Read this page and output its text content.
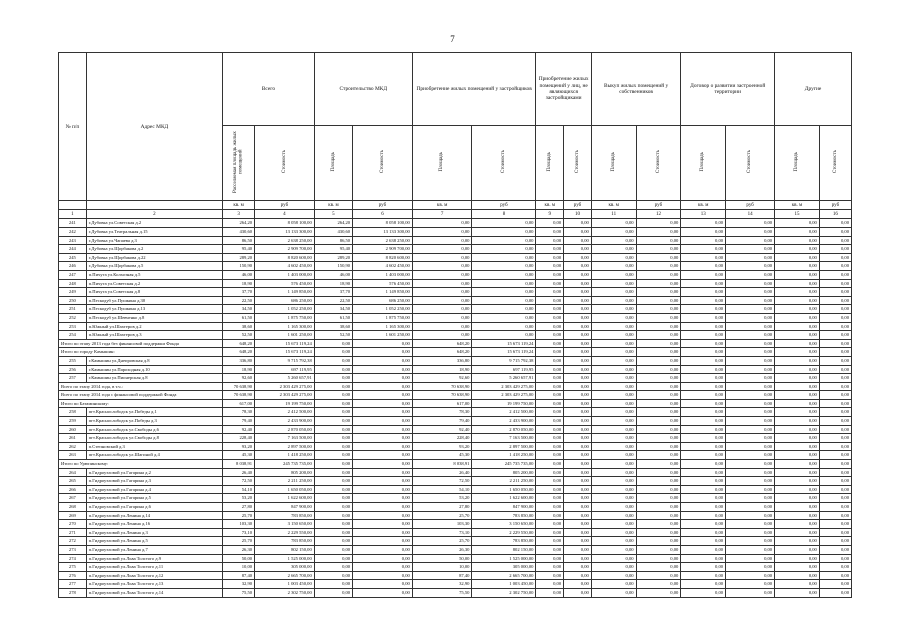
7
№ п/п	Адрес МКД	Всего		Строительство МКД		Приобретение жилых помещений у застройщиков		Приобретение жилых помещений у лиц, не являющихся застройщиками		Выкуп жилых помещений у собственников		Договор о развитии застроенной территории		Другие	
		Расселяемая площадь жилых помещений	Стоимость	Площадь	Стоимость	Площадь	Стоимость	Площадь	Стоимость	Площадь	Стоимость	Площадь	Стоимость	Площадь	Стоимость
		кв. м	руб	кв. м	руб	кв. м	руб	кв. м	руб	кв. м	руб	кв. м	руб	кв. м	руб
1	2	3	4	5	6	7	8	9	10	11	12	13	14	15	16
241	г.Дубовка ул.Советская д.2	264,20	8 058 100,00	264,20	8 058 100,00	0,00	0,00	0,00	0,00	0,00	0,00	0,00	0,00	0,00	0,00
242	г.Дубовка ул.Театральная д.15	430,60	13 133 300,00	430,60	13 133 300,00	0,00	0,00	0,00	0,00	0,00	0,00	0,00	0,00	0,00	0,00
243	г.Дубовка ул.Чапаева д.3	86,50	2 638 250,00	86,50	2 638 250,00	0,00	0,00	0,00	0,00	0,00	0,00	0,00	0,00	0,00	0,00
244	г.Дубовка ул.Щорбакова д.2	95,40	2 909 700,00	95,40	2 909 700,00	0,00	0,00	0,00	0,00	0,00	0,00	0,00	0,00	0,00	0,00
245	г.Дубовка ул.Щорбакова д.22	289,20	8 820 600,00	289,20	8 820 600,00	0,00	0,00	0,00	0,00	0,00	0,00	0,00	0,00	0,00	0,00
246	г.Дубовка ул.Щорбакова д.5	150,90	4 602 450,00	150,90	4 602 450,00	0,00	0,00	0,00	0,00	0,00	0,00	0,00	0,00	0,00	0,00
247	п.Пичуга ул.Колхозная д.5	46,00	1 403 000,00	46,00	1 403 000,00	0,00	0,00	0,00	0,00	0,00	0,00	0,00	0,00	0,00	0,00
248	п.Пичуга ул.Советская д.2	18,90	576 450,00	18,90	576 450,00	0,00	0,00	0,00	0,00	0,00	0,00	0,00	0,00	0,00	0,00
249	п.Пичуга ул.Советская д.8	37,70	1 149 850,00	37,70	1 149 850,00	0,00	0,00	0,00	0,00	0,00	0,00	0,00	0,00	0,00	0,00
250	п.Пескодуб ул.Пушкина д.30	22,50	686 250,00	22,50	686 250,00	0,00	0,00	0,00	0,00	0,00	0,00	0,00	0,00	0,00	0,00
251	п.Пескодуб ул.Пушкина д.13	34,50	1 052 250,00	34,50	1 052 250,00	0,00	0,00	0,00	0,00	0,00	0,00	0,00	0,00	0,00	0,00
252	п.Пескодуб ул.Шевченко д.8	61,50	1 875 750,00	61,50	1 875 750,00	0,00	0,00	0,00	0,00	0,00	0,00	0,00	0,00	0,00	0,00
253	п.Южный ул.Шахтеров д.2	38,60	1 165 300,00	38,60	1 165 300,00	0,00	0,00	0,00	0,00	0,00	0,00	0,00	0,00	0,00	0,00
254	п.Южный ул.Шахтеров д.3	52,50	1 601 250,00	52,50	1 601 250,00	0,00	0,00	0,00	0,00	0,00	0,00	0,00	0,00	0,00	0,00
Итого по этапу 2013 года без финансовой поддержки Фонда		648,20	15 673 119,24	0,00	0,00	648,20	15 673 119,24	0,00	0,00	0,00	0,00	0,00	0,00	0,00	0,00
Итого по городу Камышин:		648,20	15 673 119,24	0,00	0,00	648,20	15 673 119,24	0,00	0,00	0,00	0,00	0,00	0,00	0,00	0,00
255	г.Камышин ул.Днепровская д.8	336,80	9 715 792,38	0,00	0,00	336,80	9 715 792,38	0,00	0,00	0,00	0,00	0,00	0,00	0,00	0,00
256	г.Камышин ул.Пароходная д.10	18,90	697 119,95	0,00	0,00	18,90	697 119,95	0,00	0,00	0,00	0,00	0,00	0,00	0,00	0,00
257	г.Камышин ул.Пионерская д.8	92,60	5 260 657,91	0,00	0,00	92,60	5 260 657,91	0,00	0,00	0,00	0,00	0,00	0,00	0,00	0,00
Всего по этапу 2014 года, в т.ч.:		70 638,90	2 303 429 275,00	0,00	0,00	70 638,90	2 303 429 275,00	0,00	0,00	0,00	0,00	0,00	0,00	0,00	0,00
Всего по этапу 2014 года с финансовой поддержкой Фонда		70 638,90	2 303 429 275,00	0,00	0,00	70 638,90	2 303 429 275,00	0,00	0,00	0,00	0,00	0,00	0,00	0,00	0,00
Итого по Батаминскому:		617,00	19 199 750,00	0,00	0,00	617,00	19 199 750,00	0,00	0,00	0,00	0,00	0,00	0,00	0,00	0,00
258	пгт.Краснослободск ул.Победы д.1	78,30	2 412 500,00	0,00	0,00	78,30	2 412 500,00	0,00	0,00	0,00	0,00	0,00	0,00	0,00	0,00
259	пгт.Краснослободск ул.Победы д.3	79,40	2 433 900,00	0,00	0,00	79,40	2 433 900,00	0,00	0,00	0,00	0,00	0,00	0,00	0,00	0,00
260	пгт.Краснослободск ул.Свободы д.6	92,40	2 870 050,00	0,00	0,00	92,40	2 870 050,00	0,00	0,00	0,00	0,00	0,00	0,00	0,00	0,00
261	пгт.Краснослободск ул.Свободы д.8	228,40	7 163 500,00	0,00	0,00	228,40	7 163 500,00	0,00	0,00	0,00	0,00	0,00	0,00	0,00	0,00
262	п.Степновский д.3	93,20	2 897 500,00	0,00	0,00	93,20	2 897 500,00	0,00	0,00	0,00	0,00	0,00	0,00	0,00	0,00
263	пгт.Краснослободск ул.Шагиной д.4	45,30	1 418 250,00	0,00	0,00	45,30	1 418 250,00	0,00	0,00	0,00	0,00	0,00	0,00	0,00	0,00
Итого по Урюпинскому:		8 038,91	245 735 735,00	0,00	0,00	8 038,91	245 735 735,00	0,00	0,00	0,00	0,00	0,00	0,00	0,00	0,00
264	п.Гидроузловой ул.Гагарина д.2	26,40	805 200,00	0,00	0,00	26,40	805 200,00	0,00	0,00	0,00	0,00	0,00	0,00	0,00	0,00
265	п.Гидроузловой ул.Гагарина д.3	72,50	2 211 250,00	0,00	0,00	72,50	2 211 250,00	0,00	0,00	0,00	0,00	0,00	0,00	0,00	0,00
266	п.Гидроузловой ул.Гагарина д.4	54,10	1 650 050,00	0,00	0,00	54,10	1 650 050,00	0,00	0,00	0,00	0,00	0,00	0,00	0,00	0,00
267	п.Гидроузловой ул.Гагарина д.5	53,20	1 622 600,00	0,00	0,00	53,20	1 622 600,00	0,00	0,00	0,00	0,00	0,00	0,00	0,00	0,00
268	п.Гидроузловой ул.Гагарина д.6	27,80	847 900,00	0,00	0,00	27,80	847 900,00	0,00	0,00	0,00	0,00	0,00	0,00	0,00	0,00
269	п.Гидроузловой ул.Ленина д.14	25,70	783 850,00	0,00	0,00	25,70	783 850,00	0,00	0,00	0,00	0,00	0,00	0,00	0,00	0,00
270	п.Гидроузловой ул.Ленина д.16	103,30	3 150 650,00	0,00	0,00	103,30	3 150 650,00	0,00	0,00	0,00	0,00	0,00	0,00	0,00	0,00
271	п.Гидроузловой ул.Ленина д.3	73,10	2 229 550,00	0,00	0,00	73,10	2 229 550,00	0,00	0,00	0,00	0,00	0,00	0,00	0,00	0,00
272	п.Гидроузловой ул.Ленина д.5	25,70	783 850,00	0,00	0,00	25,70	783 850,00	0,00	0,00	0,00	0,00	0,00	0,00	0,00	0,00
273	п.Гидроузловой ул.Ленина д.7	26,30	802 150,00	0,00	0,00	26,30	802 150,00	0,00	0,00	0,00	0,00	0,00	0,00	0,00	0,00
274	п.Гидроузловой ул.Льва Толстого д.9	50,00	1 525 000,00	0,00	0,00	50,00	1 525 000,00	0,00	0,00	0,00	0,00	0,00	0,00	0,00	0,00
275	п.Гидроузловой ул.Льва Толстого д.11	10,00	305 000,00	0,00	0,00	10,00	305 000,00	0,00	0,00	0,00	0,00	0,00	0,00	0,00	0,00
276	п.Гидроузловой ул.Льва Толстого д.12	87,40	2 665 700,00	0,00	0,00	87,40	2 665 700,00	0,00	0,00	0,00	0,00	0,00	0,00	0,00	0,00
277	п.Гидроузловой ул.Льва Толстого д.13	32,90	1 003 450,00	0,00	0,00	32,90	1 003 450,00	0,00	0,00	0,00	0,00	0,00	0,00	0,00	0,00
278	п.Гидроузловой ул.Льва Толстого д.14	75,50	2 302 750,00	0,00	0,00	75,50	2 302 750,00	0,00	0,00	0,00	0,00	0,00	0,00	0,00	0,00
